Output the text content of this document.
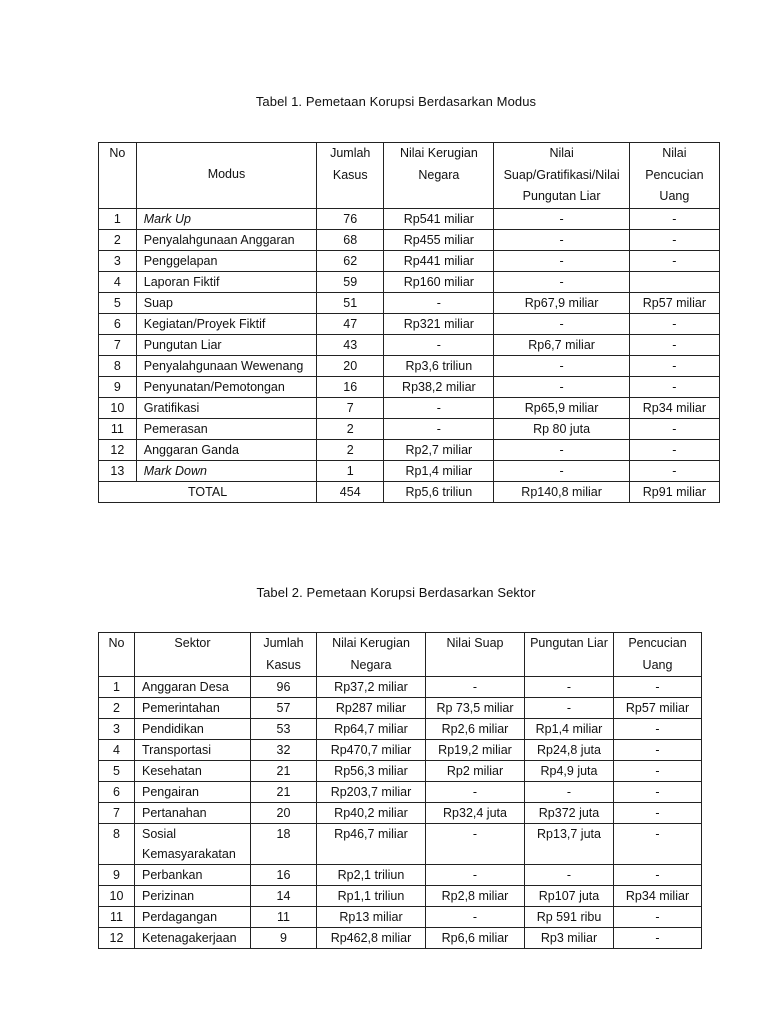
Tabel 1. Pemetaan Korupsi Berdasarkan Modus
No	Modus	Jumlah Kasus	Nilai Kerugian Negara	Nilai Suap/Gratifikasi/Nilai Pungutan Liar	Nilai Pencucian Uang

1	Mark Up	76	Rp541 miliar	-	-
2	Penyalahgunaan Anggaran	68	Rp455 miliar	-	-
3	Penggelapan	62	Rp441 miliar	-	-
4	Laporan Fiktif	59	Rp160 miliar	-	
5	Suap	51	-	Rp67,9 miliar	Rp57 miliar
6	Kegiatan/Proyek Fiktif	47	Rp321 miliar	-	-
7	Pungutan Liar	43	-	Rp6,7 miliar	-
8	Penyalahgunaan Wewenang	20	Rp3,6 triliun	-	-
9	Penyunatan/Pemotongan	16	Rp38,2 miliar	-	-
10	Gratifikasi	7	-	Rp65,9 miliar	Rp34 miliar
11	Pemerasan	2	-	Rp 80 juta	-
12	Anggaran Ganda	2	Rp2,7 miliar	-	-
13	Mark Down	1	Rp1,4 miliar	-	-
TOTAL		454	Rp5,6 triliun	Rp140,8 miliar	Rp91 miliar
Tabel 2. Pemetaan Korupsi Berdasarkan Sektor
No	Sektor	Jumlah Kasus	Nilai Kerugian Negara	Nilai Suap	Pungutan Liar	Pencucian Uang

1	Anggaran Desa	96	Rp37,2 miliar	-	-	-
2	Pemerintahan	57	Rp287 miliar	Rp 73,5 miliar	-	Rp57 miliar
3	Pendidikan	53	Rp64,7 miliar	Rp2,6 miliar	Rp1,4 miliar	-
4	Transportasi	32	Rp470,7 miliar	Rp19,2 miliar	Rp24,8 juta	-
5	Kesehatan	21	Rp56,3 miliar	Rp2 miliar	Rp4,9 juta	-
6	Pengairan	21	Rp203,7 miliar	-	-	-
7	Pertanahan	20	Rp40,2 miliar	Rp32,4 juta	Rp372 juta	-
8	Sosial Kemasyarakatan	18	Rp46,7 miliar	-	Rp13,7 juta	-
9	Perbankan	16	Rp2,1 triliun	-	-	-
10	Perizinan	14	Rp1,1 triliun	Rp2,8 miliar	Rp107 juta	Rp34 miliar
11	Perdagangan	11	Rp13 miliar	-	Rp 591 ribu	-
12	Ketenagakerjaan	9	Rp462,8 miliar	Rp6,6 miliar	Rp3 miliar	-
